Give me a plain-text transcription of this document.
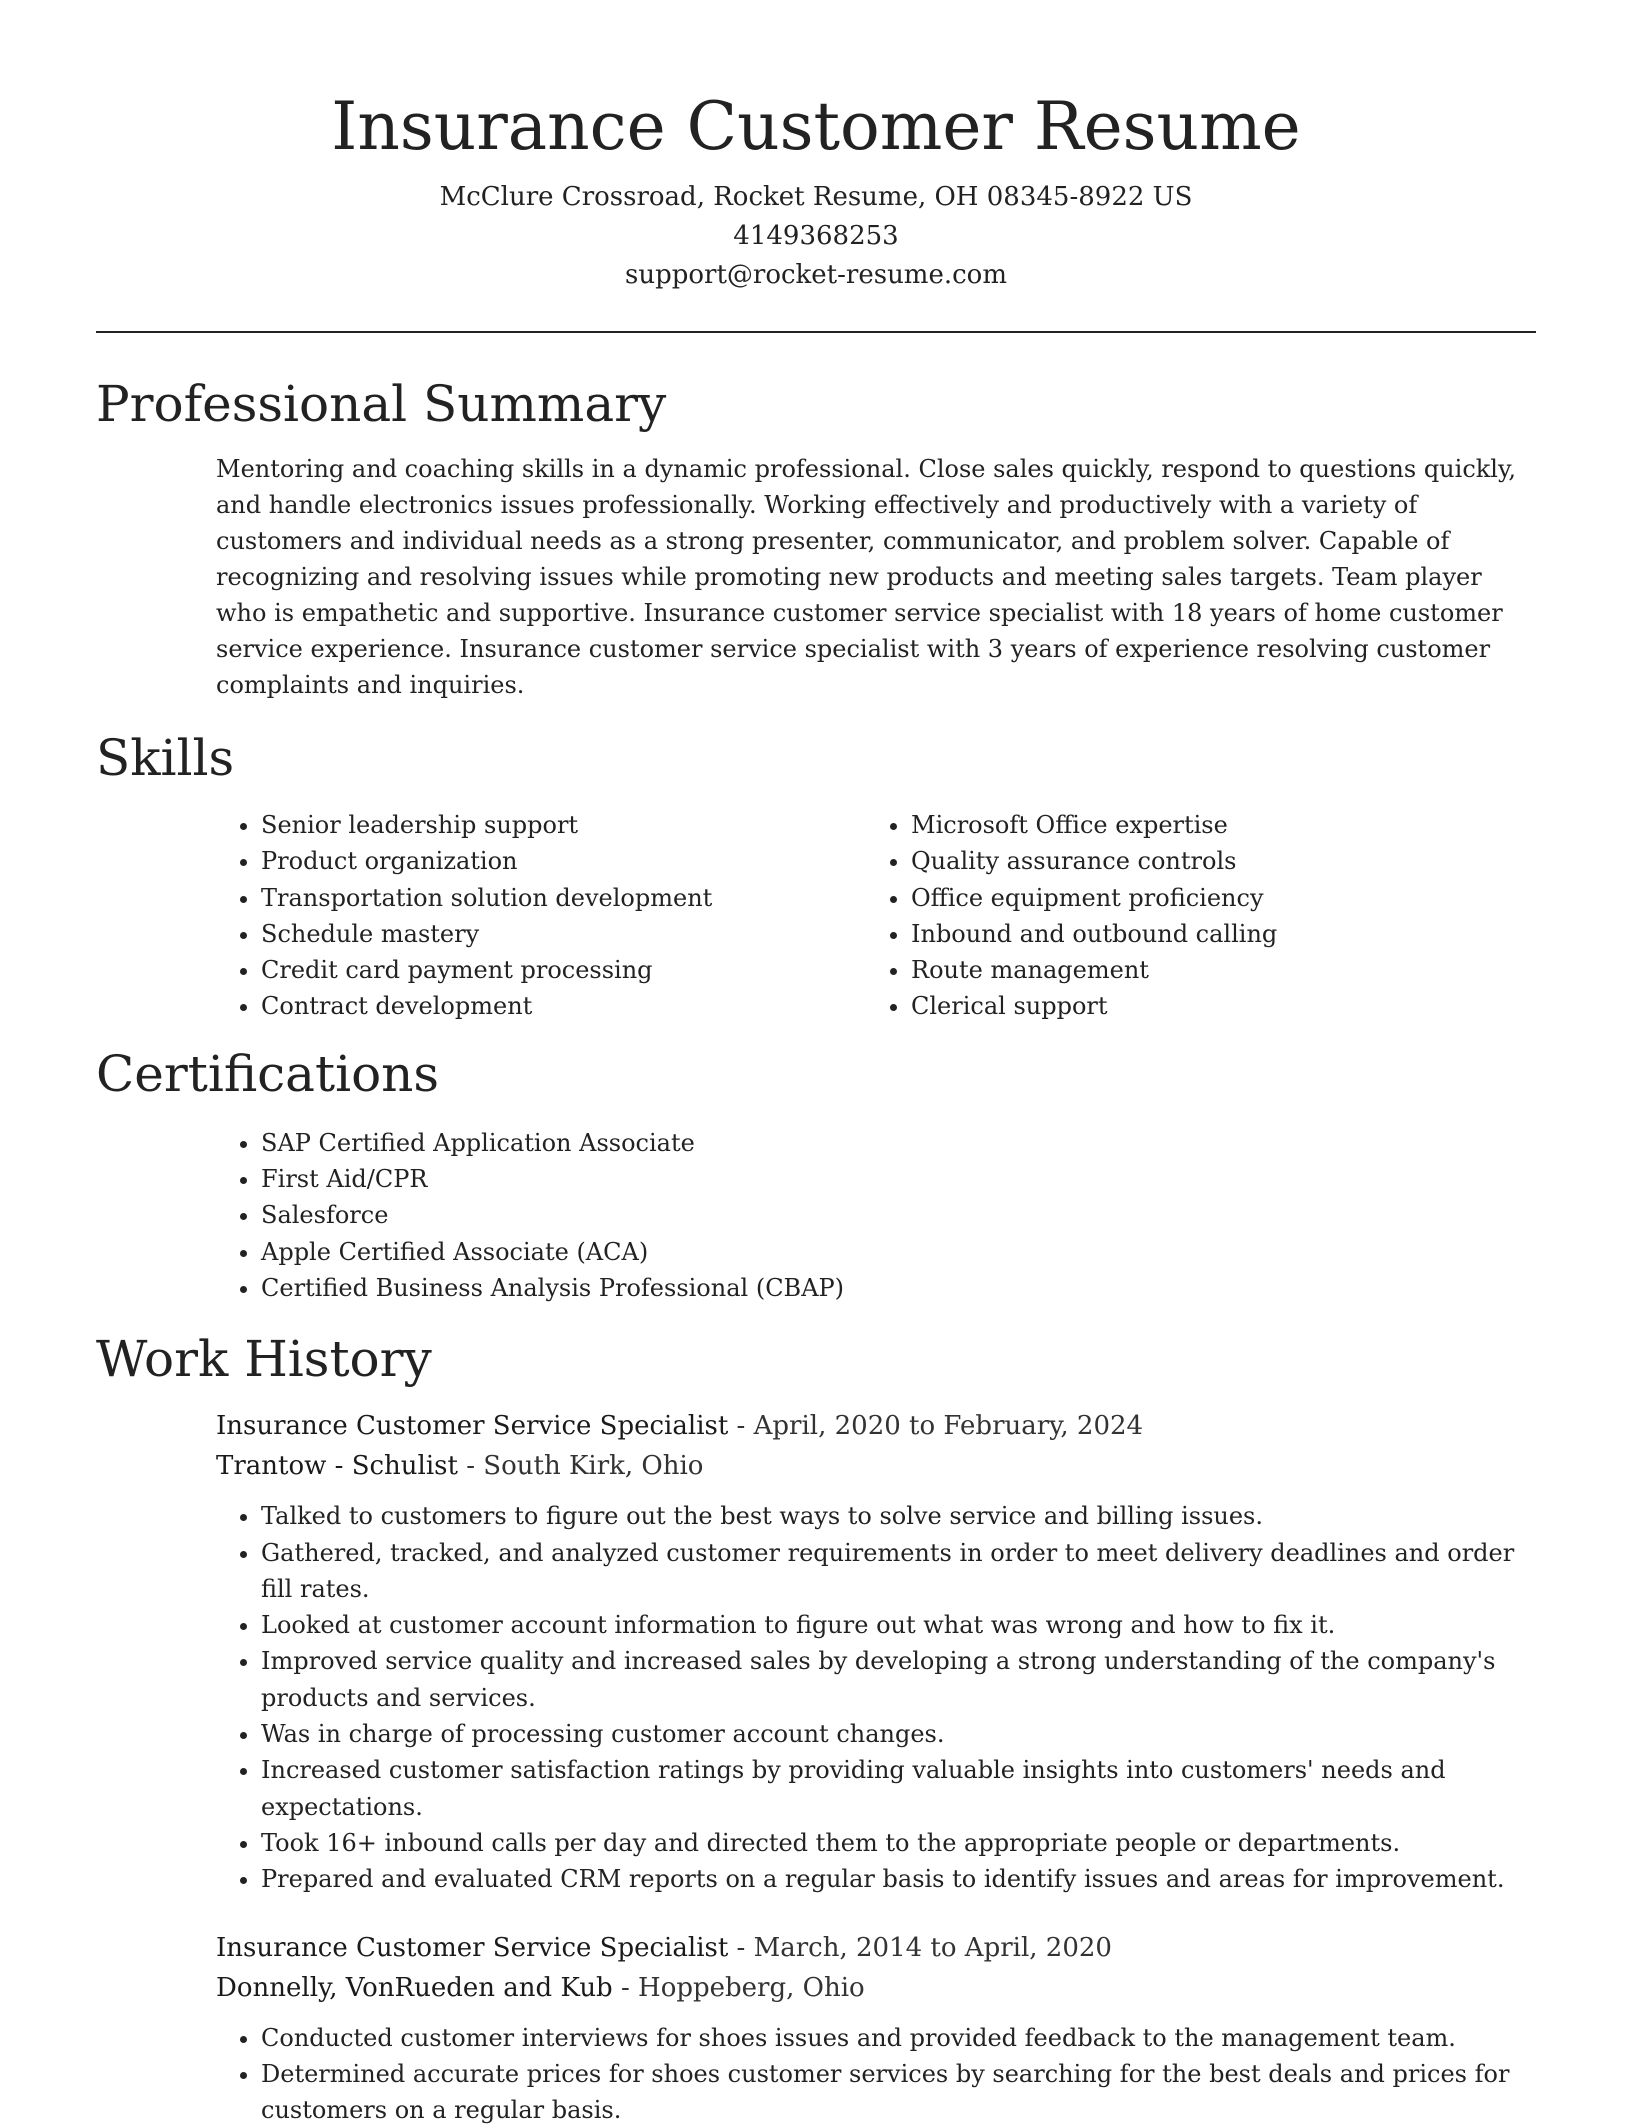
Insurance Customer Resume
McClure Crossroad, Rocket Resume, OH 08345-8922 US
4149368253
support@rocket-resume.com
Professional Summary

Mentoring and coaching skills in a dynamic professional. Close sales quickly, respond to questions quickly, and handle electronics issues professionally. Working effectively and productively with a variety of customers and individual needs as a strong presenter, communicator, and problem solver. Capable of recognizing and resolving issues while promoting new products and meeting sales targets. Team player who is empathetic and supportive. Insurance customer service specialist with 18 years of home customer service experience. Insurance customer service specialist with 3 years of experience resolving customer complaints and inquiries.

Skills
• Senior leadership support
• Product organization
• Transportation solution development
• Schedule mastery
• Credit card payment processing
• Contract development
• Microsoft Office expertise
• Quality assurance controls
• Office equipment proficiency
• Inbound and outbound calling
• Route management
• Clerical support
Certifications
• SAP Certified Application Associate
• First Aid/CPR
• Salesforce
• Apple Certified Associate (ACA)
• Certified Business Analysis Professional (CBAP)
Work History
Insurance Customer Service Specialist - April, 2020 to February, 2024
Trantow - Schulist - South Kirk, Ohio
• Talked to customers to figure out the best ways to solve service and billing issues.
• Gathered, tracked, and analyzed customer requirements in order to meet delivery deadlines and order fill rates.
• Looked at customer account information to figure out what was wrong and how to fix it.
• Improved service quality and increased sales by developing a strong understanding of the company's products and services.
• Was in charge of processing customer account changes.
• Increased customer satisfaction ratings by providing valuable insights into customers' needs and expectations.
• Took 16+ inbound calls per day and directed them to the appropriate people or departments.
• Prepared and evaluated CRM reports on a regular basis to identify issues and areas for improvement.
Insurance Customer Service Specialist - March, 2014 to April, 2020
Donnelly, VonRueden and Kub - Hoppeberg, Ohio
• Conducted customer interviews for shoes issues and provided feedback to the management team.
• Determined accurate prices for shoes customer services by searching for the best deals and prices for customers on a regular basis.
